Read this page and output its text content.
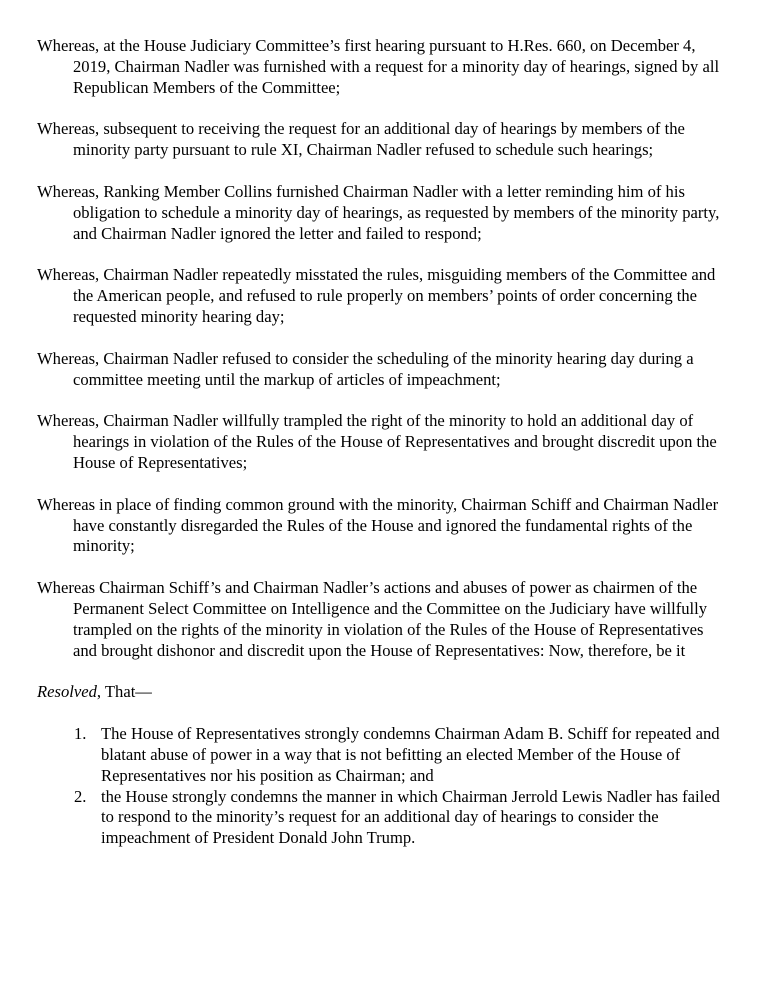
Whereas, at the House Judiciary Committee’s first hearing pursuant to H.Res. 660, on December 4, 2019, Chairman Nadler was furnished with a request for a minority day of hearings, signed by all Republican Members of the Committee;

Whereas, subsequent to receiving the request for an additional day of hearings by members of the minority party pursuant to rule XI, Chairman Nadler refused to schedule such hearings;

Whereas, Ranking Member Collins furnished Chairman Nadler with a letter reminding him of his obligation to schedule a minority day of hearings, as requested by members of the minority party, and Chairman Nadler ignored the letter and failed to respond;

Whereas, Chairman Nadler repeatedly misstated the rules, misguiding members of the Committee and the American people, and refused to rule properly on members’ points of order concerning the requested minority hearing day;

Whereas, Chairman Nadler refused to consider the scheduling of the minority hearing day during a committee meeting until the markup of articles of impeachment;

Whereas, Chairman Nadler willfully trampled the right of the minority to hold an additional day of hearings in violation of the Rules of the House of Representatives and brought discredit upon the House of Representatives;

Whereas in place of finding common ground with the minority, Chairman Schiff and Chairman Nadler have constantly disregarded the Rules of the House and ignored the fundamental rights of the minority;

Whereas Chairman Schiff’s and Chairman Nadler’s actions and abuses of power as chairmen of the Permanent Select Committee on Intelligence and the Committee on the Judiciary have willfully trampled on the rights of the minority in violation of the Rules of the House of Representatives and brought dishonor and discredit upon the House of Representatives: Now, therefore, be it

Resolved, That—

1. The House of Representatives strongly condemns Chairman Adam B. Schiff for repeated and blatant abuse of power in a way that is not befitting an elected Member of the House of Representatives nor his position as Chairman; and
2. the House strongly condemns the manner in which Chairman Jerrold Lewis Nadler has failed to respond to the minority’s request for an additional day of hearings to consider the impeachment of President Donald John Trump.
